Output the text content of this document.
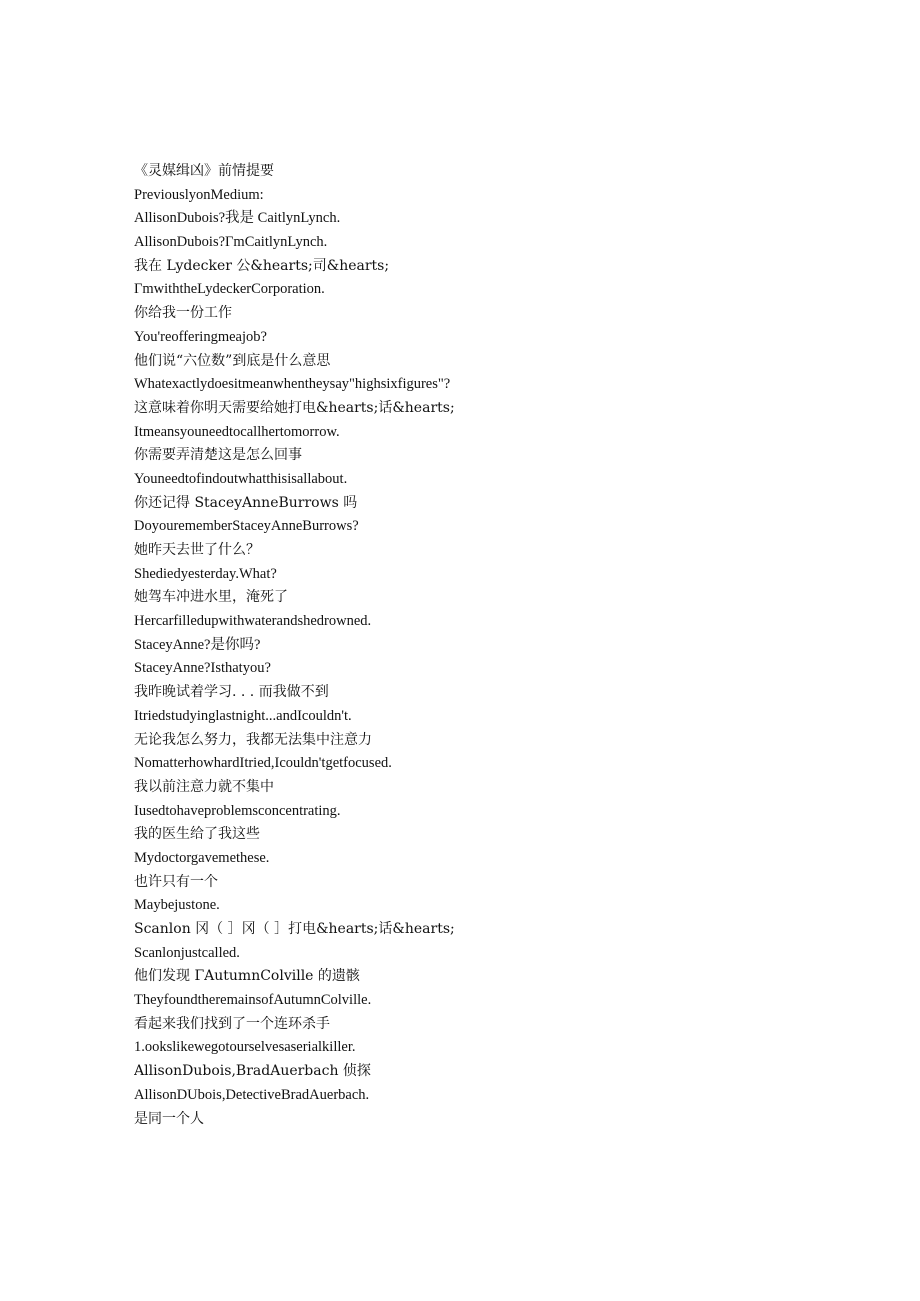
《灵媒缉凶》前情提要
PreviouslyonMedium:
AllisonDubois?我是 CaitlynLynch.
AllisonDubois?ΓmCaitlynLynch.
我在 Lydecker 公&hearts;司&hearts;
ΓmwiththeLydeckerCorporation.
你给我一份工作
You'reofferingmeajob?
他们说“六位数”到底是什么意思
Whatexactlydoesitmeanwhentheysay"highsixfigures"?
这意味着你明天需要给她打电&hearts;话&hearts;
Itmeansyouneedtocallhertomorrow.
你需要弄清楚这是怎么回事
Youneedtofindoutwhatthisisallabout.
你还记得 StaceyAnneBurrows 吗
DoyourememberStaceyAnneBurrows?
她昨天去世了什么？
Shediedyesterday.What?
她驾车冲进水里，淹死了
Hercarfilledupwithwaterandshedrowned.
StaceyAnne?是你吗?
StaceyAnne?Isthatyou?
我昨晚试着学习. . . 而我做不到
Itriedstudyinglastnight...andIcouldn't.
无论我怎么努力，我都无法集中注意力
NomatterhowhardItried,Icouldn'tgetfocused.
我以前注意力就不集中
Iusedtohaveproblemsconcentrating.
我的医生给了我这些
Mydoctorgavemethese.
也许只有一个
Maybejustone.
Scanlon 冈（ ］冈（ ］打电&hearts;话&hearts;
Scanlonjustcalled.
他们发现 ΓAutumnColville 的遗骸
TheyfoundtheremainsofAutumnColville.
看起来我们找到了一个连环杀手
1.ookslikewegotourselvesaserialkiller.
AllisonDubois,BradAuerbach 侦探
AllisonDUbois,DetectiveBradAuerbach.
是同一个人
